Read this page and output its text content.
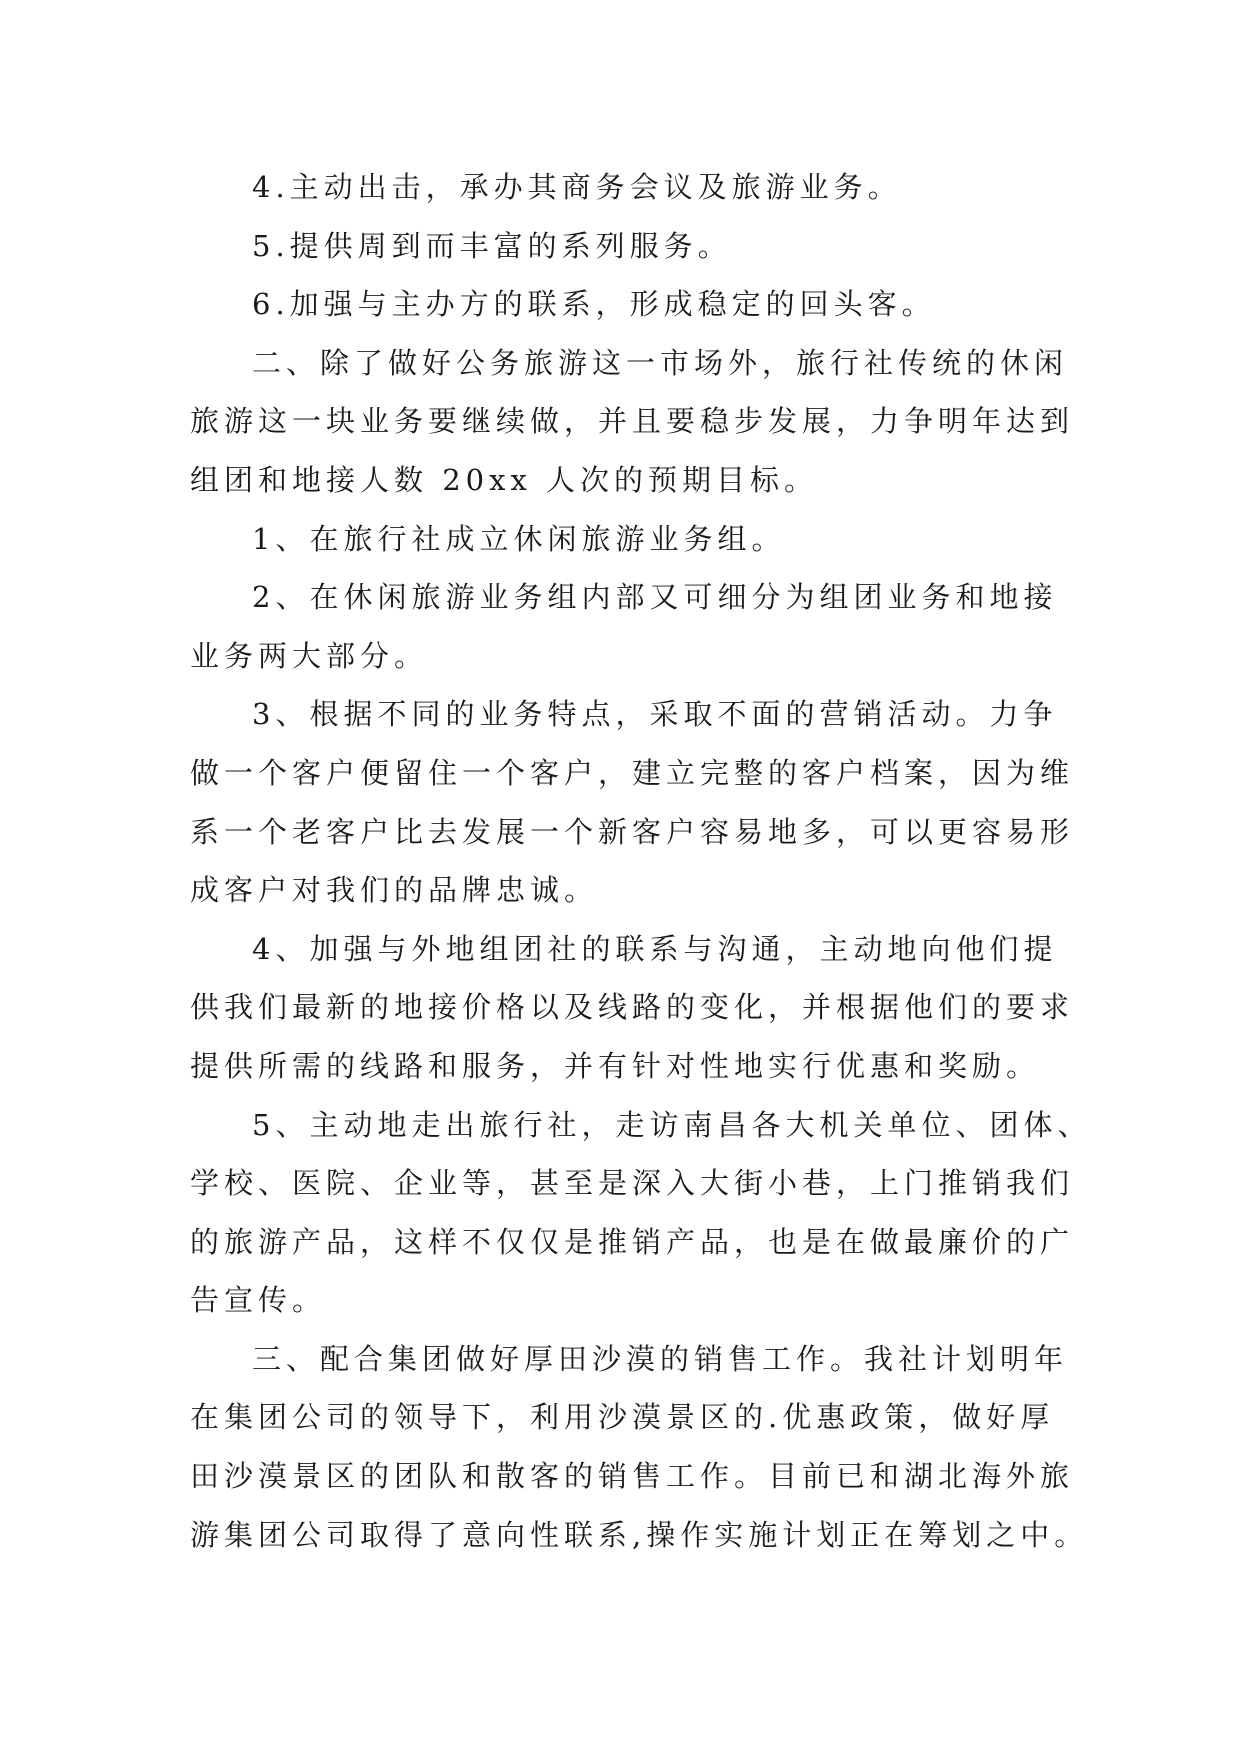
4.主动出击，承办其商务会议及旅游业务。

5.提供周到而丰富的系列服务。

6.加强与主办方的联系，形成稳定的回头客。

二、除了做好公务旅游这一市场外，旅行社传统的休闲
旅游这一块业务要继续做，并且要稳步发展，力争明年达到
组团和地接人数 20xx 人次的预期目标。

1、在旅行社成立休闲旅游业务组。

2、在休闲旅游业务组内部又可细分为组团业务和地接
业务两大部分。

3、根据不同的业务特点，采取不面的营销活动。力争
做一个客户便留住一个客户，建立完整的客户档案，因为维
系一个老客户比去发展一个新客户容易地多，可以更容易形
成客户对我们的品牌忠诚。

4、加强与外地组团社的联系与沟通，主动地向他们提
供我们最新的地接价格以及线路的变化，并根据他们的要求
提供所需的线路和服务，并有针对性地实行优惠和奖励。

5、主动地走出旅行社，走访南昌各大机关单位、团体、
学校、医院、企业等，甚至是深入大街小巷，上门推销我们
的旅游产品，这样不仅仅是推销产品，也是在做最廉价的广
告宣传。

三、配合集团做好厚田沙漠的销售工作。我社计划明年
在集团公司的领导下，利用沙漠景区的.优惠政策，做好厚
田沙漠景区的团队和散客的销售工作。目前已和湖北海外旅
游集团公司取得了意向性联系,操作实施计划正在筹划之中。
